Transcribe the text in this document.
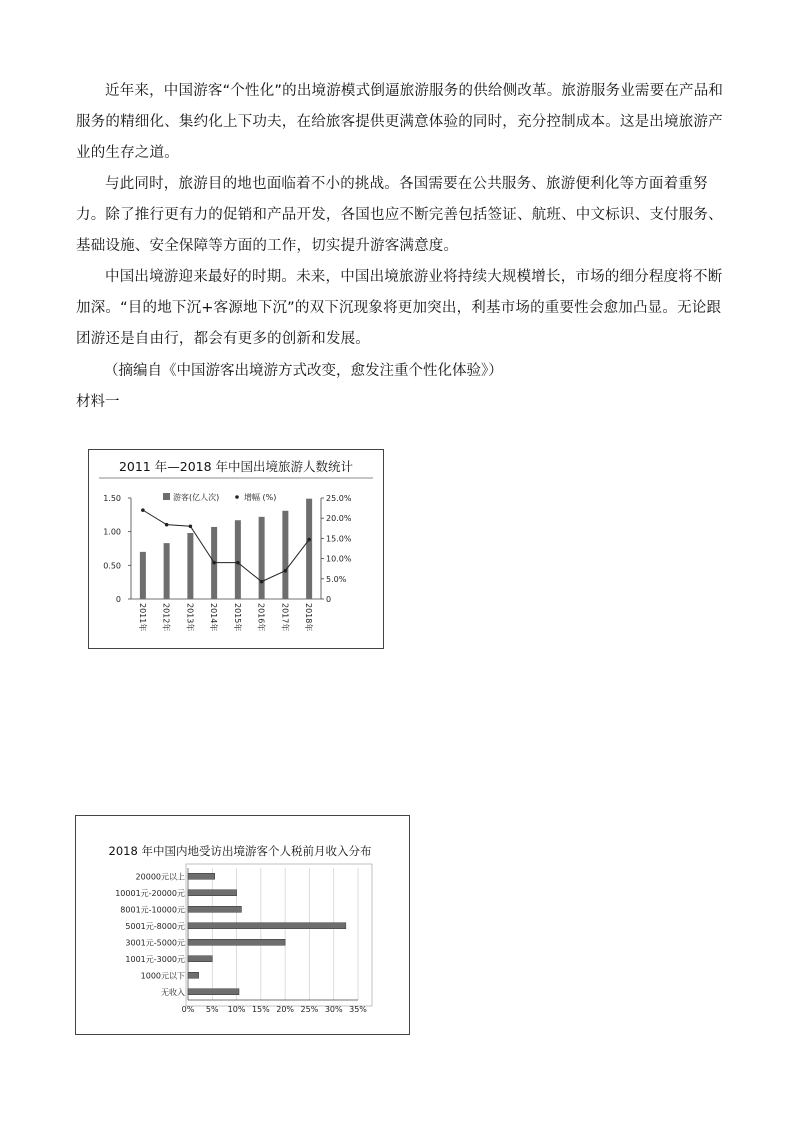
近年来，中国游客“个性化”的出境游模式倒逼旅游服务的供给侧改革。旅游服务业需要在产品和服务的精细化、集约化上下功夫，在给旅客提供更满意体验的同时，充分控制成本。这是出境旅游产业的生存之道。

与此同时，旅游目的地也面临着不小的挑战。各国需要在公共服务、旅游便利化等方面着重努力。除了推行更有力的促销和产品开发，各国也应不断完善包括签证、航班、中文标识、支付服务、基础设施、安全保障等方面的工作，切实提升游客满意度。

中国出境游迎来最好的时期。未来，中国出境旅游业将持续大规模增长，市场的细分程度将不断加深。“目的地下沉+客源地下沉”的双下沉现象将更加突出，利基市场的重要性会愈加凸显。无论跟团游还是自由行，都会有更多的创新和发展。

（摘编自《中国游客出境游方式改变，愈发注重个性化体验》）
材料一
2011 年—2018 年中国出境旅游人数统计
0
0.50
1.00
1.50
0
5.0%
10.0%
15.0%
20.0%
25.0%
2011年 2012年 2013年 2014年 2015年 2016年 2017年 2018年
游客(亿人次)	增幅 (%)
2018 年中国内地受访出境游客个人税前月收入分布
20000元以上
10001元-20000元
8001元-10000元
5001元-8000元
3001元-5000元
1001元-3000元
1000元以下
无收入
0% 5% 10% 15% 20% 25% 30% 35%
